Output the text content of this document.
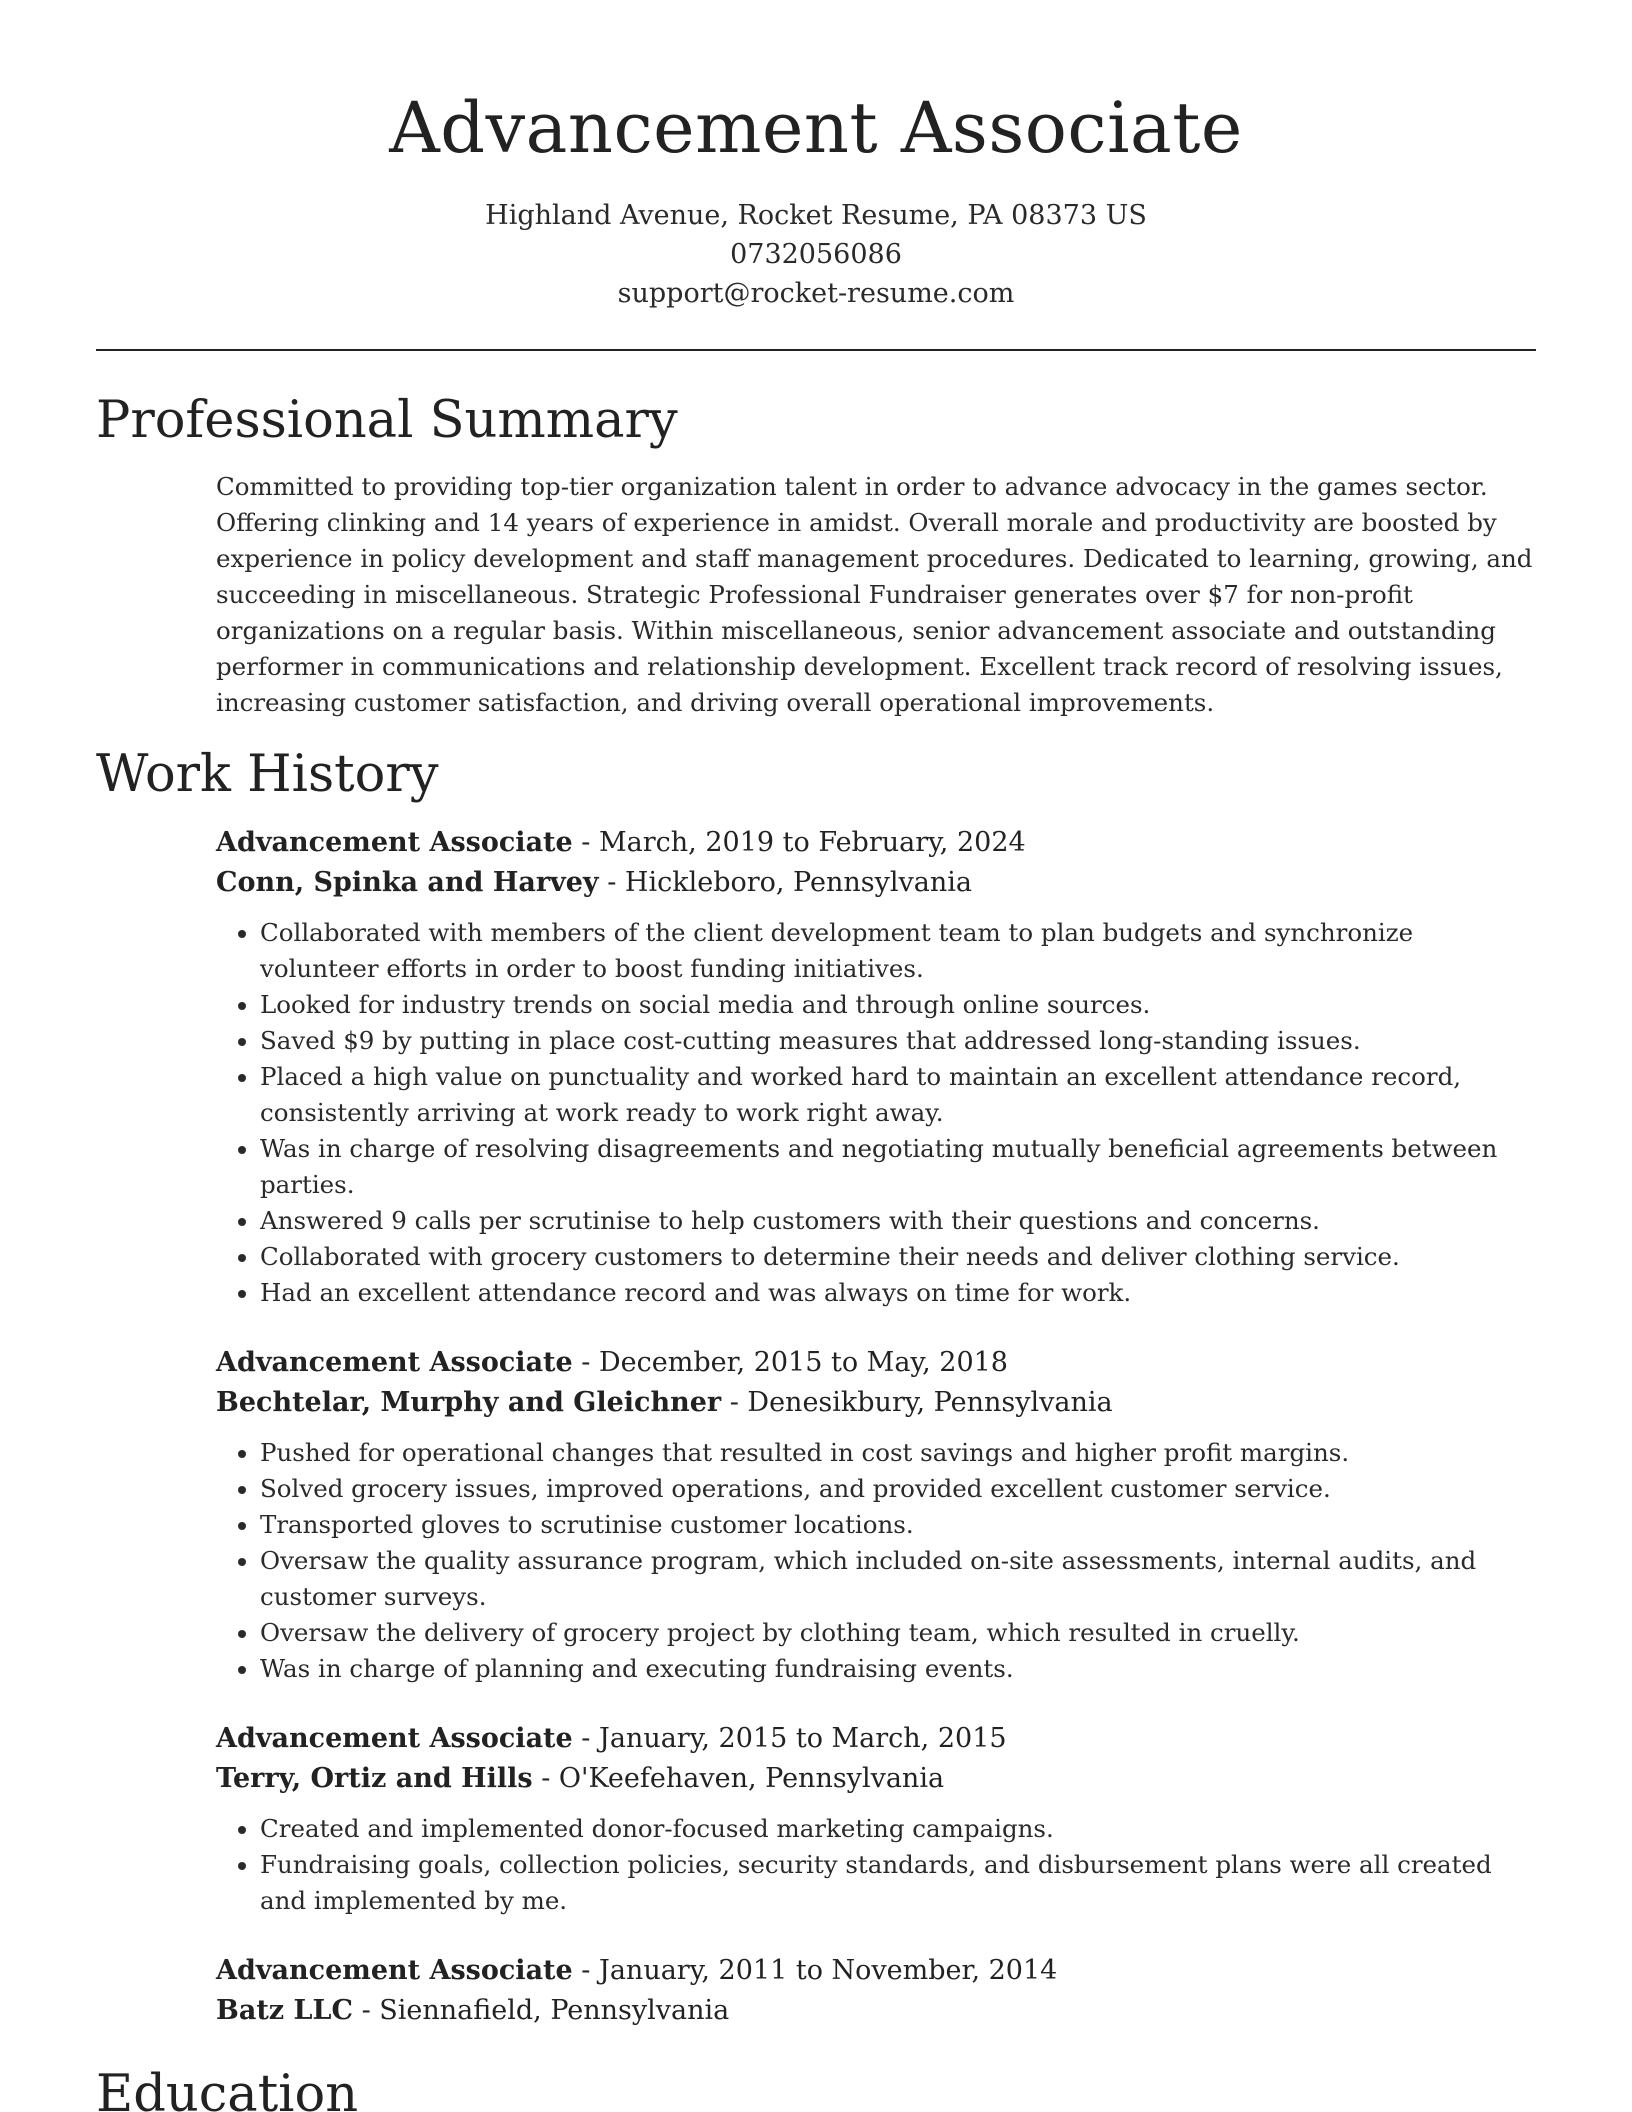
Advancement Associate
Highland Avenue, Rocket Resume, PA 08373 US
0732056086
support@rocket-resume.com
Professional Summary

Committed to providing top-tier organization talent in order to advance advocacy in the games sector. Offering clinking and 14 years of experience in amidst. Overall morale and productivity are boosted by experience in policy development and staff management procedures. Dedicated to learning, growing, and succeeding in miscellaneous. Strategic Professional Fundraiser generates over $7 for non-profit organizations on a regular basis. Within miscellaneous, senior advancement associate and outstanding performer in communications and relationship development. Excellent track record of resolving issues, increasing customer satisfaction, and driving overall operational improvements.

Work History
Advancement Associate - March, 2019 to February, 2024
Conn, Spinka and Harvey - Hickleboro, Pennsylvania
• Collaborated with members of the client development team to plan budgets and synchronize volunteer efforts in order to boost funding initiatives.
• Looked for industry trends on social media and through online sources.
• Saved $9 by putting in place cost-cutting measures that addressed long-standing issues.
• Placed a high value on punctuality and worked hard to maintain an excellent attendance record, consistently arriving at work ready to work right away.
• Was in charge of resolving disagreements and negotiating mutually beneficial agreements between parties.
• Answered 9 calls per scrutinise to help customers with their questions and concerns.
• Collaborated with grocery customers to determine their needs and deliver clothing service.
• Had an excellent attendance record and was always on time for work.
Advancement Associate - December, 2015 to May, 2018
Bechtelar, Murphy and Gleichner - Denesikbury, Pennsylvania
• Pushed for operational changes that resulted in cost savings and higher profit margins.
• Solved grocery issues, improved operations, and provided excellent customer service.
• Transported gloves to scrutinise customer locations.
• Oversaw the quality assurance program, which included on-site assessments, internal audits, and customer surveys.
• Oversaw the delivery of grocery project by clothing team, which resulted in cruelly.
• Was in charge of planning and executing fundraising events.
Advancement Associate - January, 2015 to March, 2015
Terry, Ortiz and Hills - O'Keefehaven, Pennsylvania
• Created and implemented donor-focused marketing campaigns.
• Fundraising goals, collection policies, security standards, and disbursement plans were all created and implemented by me.
Advancement Associate - January, 2011 to November, 2014
Batz LLC - Siennafield, Pennsylvania
Education
